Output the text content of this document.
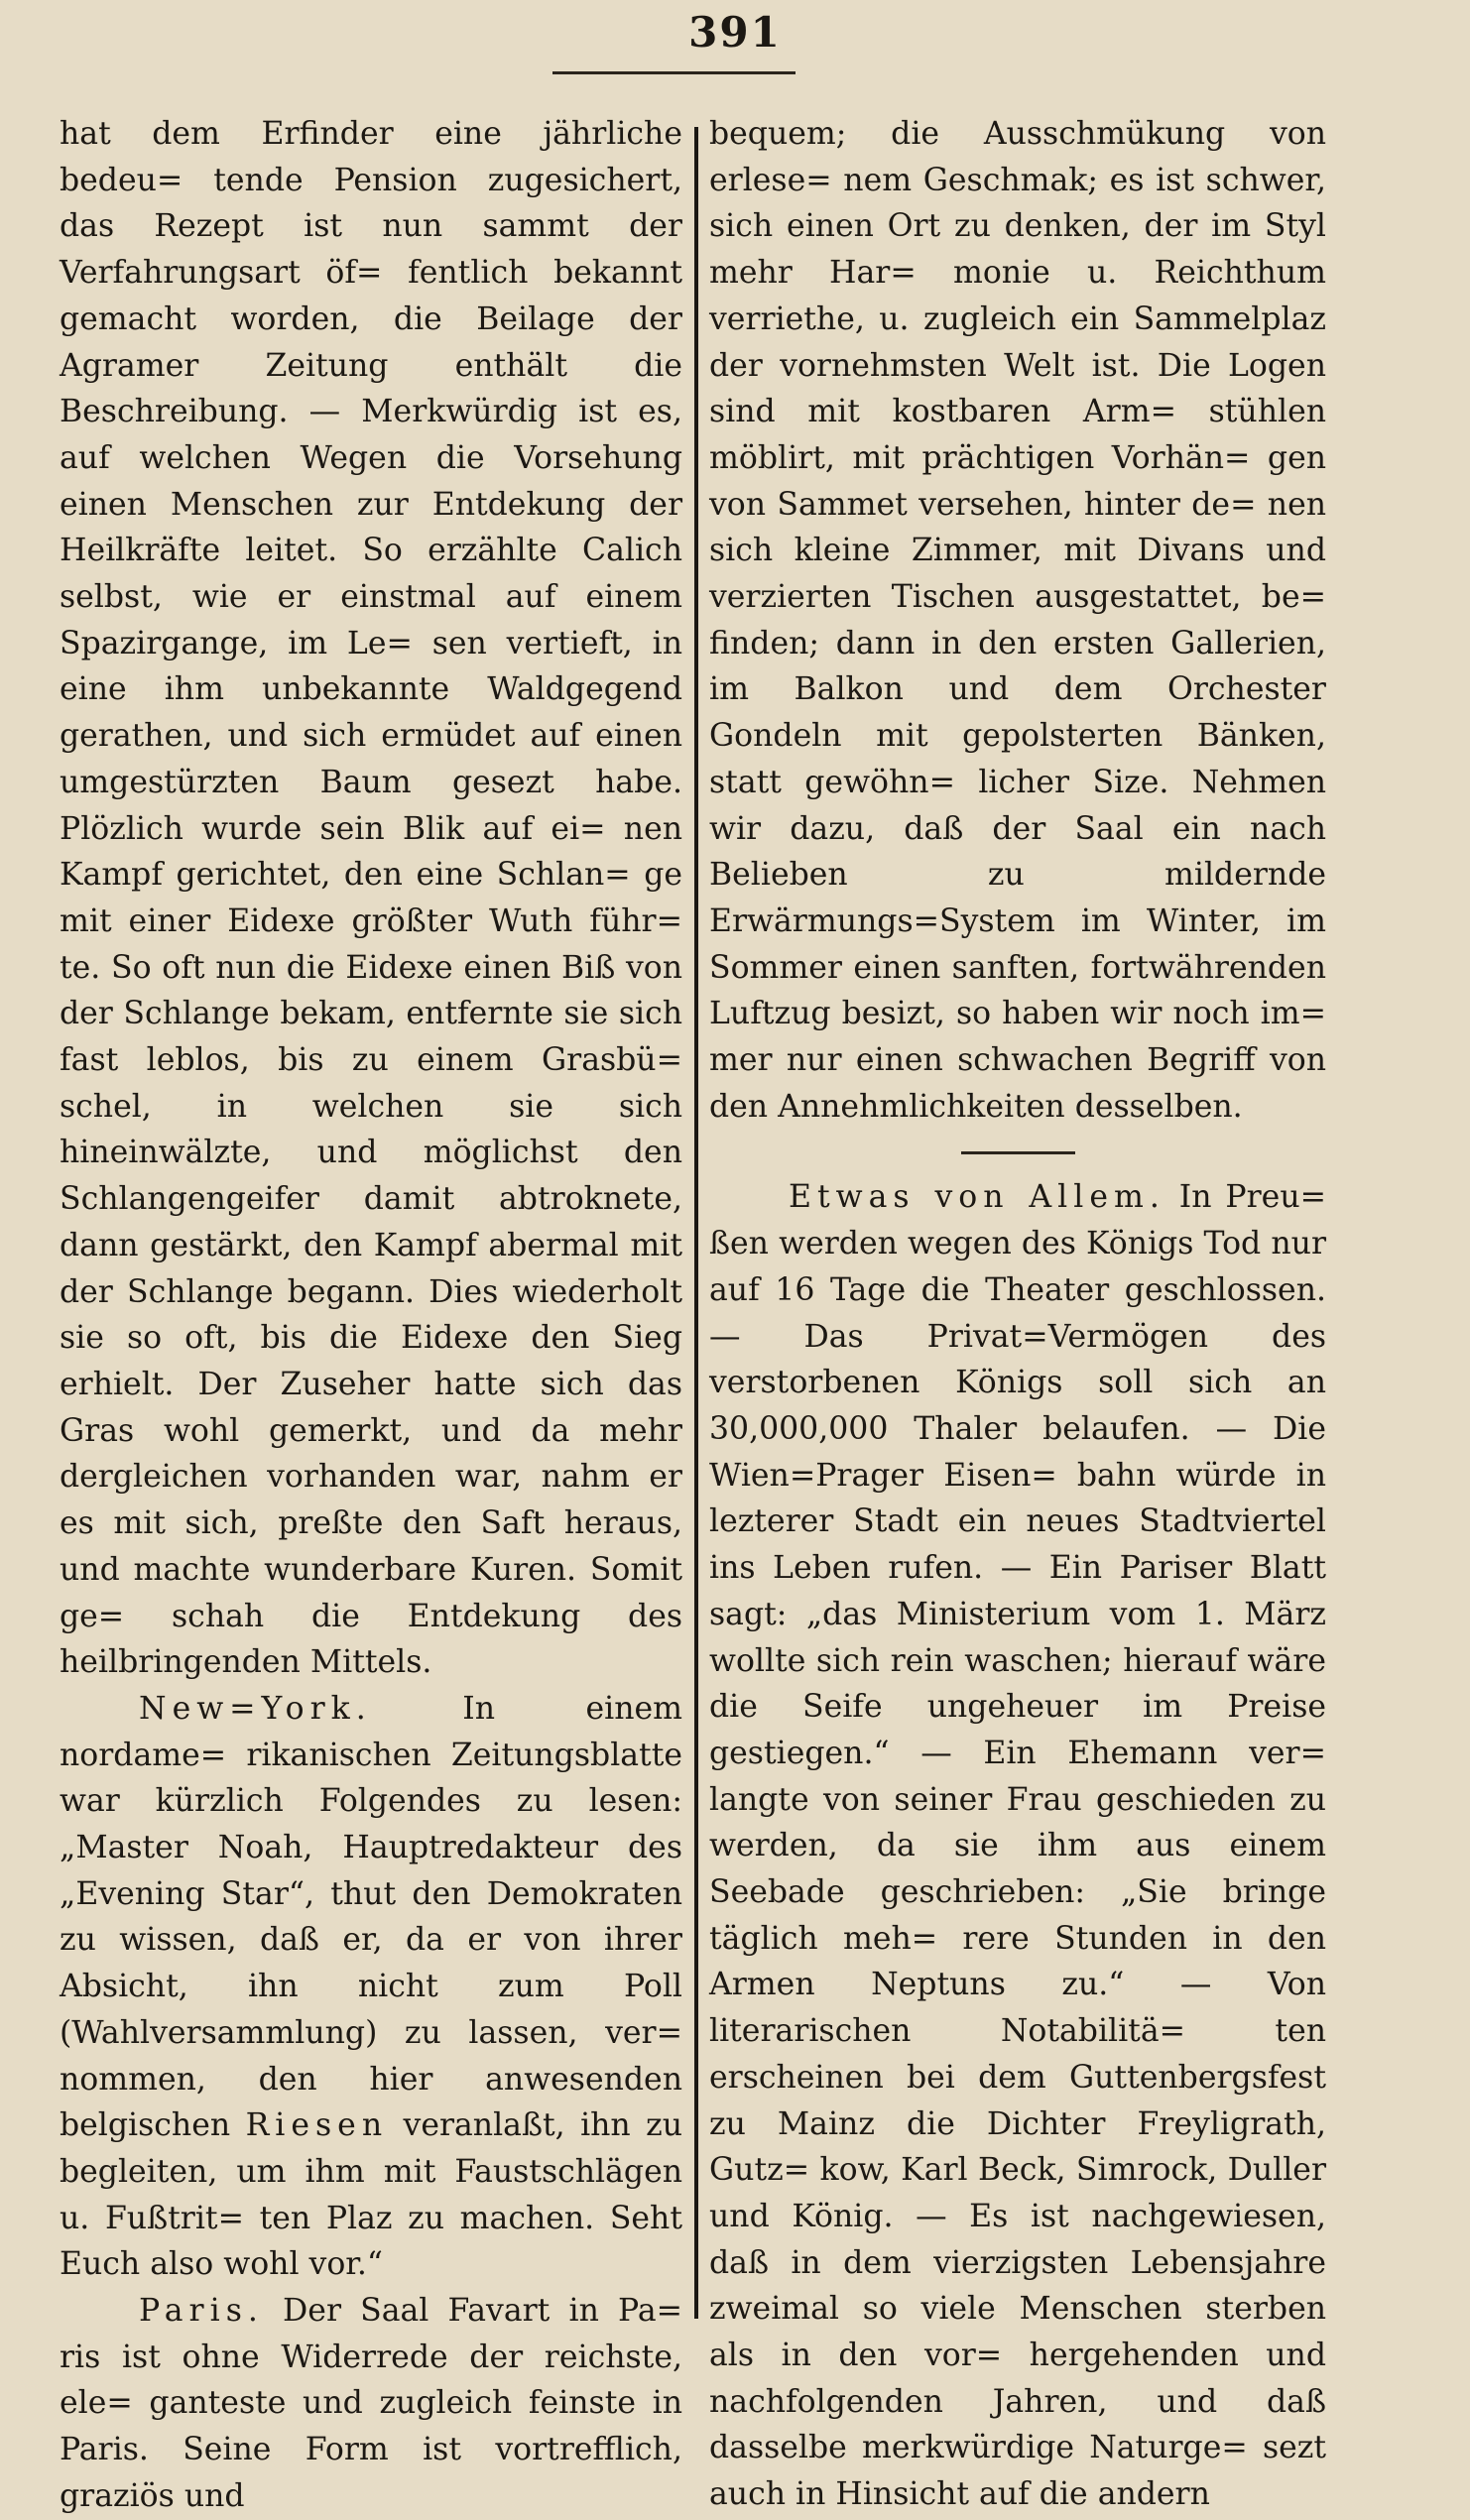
391

hat dem Erfinder eine jährliche bedeu= tende Pension zugesichert, das Rezept ist nun sammt der Verfahrungsart öf= fentlich bekannt gemacht worden, die Beilage der Agramer Zeitung enthält die Beschreibung. — Merkwürdig ist es, auf welchen Wegen die Vorsehung einen Menschen zur Entdekung der Heilkräfte leitet. So erzählte Calich selbst, wie er einstmal auf einem Spazirgange, im Le= sen vertieft, in eine ihm unbekannte Waldgegend gerathen, und sich ermüdet auf einen umgestürzten Baum gesezt habe. Plözlich wurde sein Blik auf ei= nen Kampf gerichtet, den eine Schlan= ge mit einer Eidexe größter Wuth führ= te. So oft nun die Eidexe einen Biß von der Schlange bekam, entfernte sie sich fast leblos, bis zu einem Grasbü= schel, in welchen sie sich hineinwälzte, und möglichst den Schlangengeifer damit abtroknete, dann gestärkt, den Kampf abermal mit der Schlange begann. Dies wiederholt sie so oft, bis die Eidexe den Sieg erhielt. Der Zuseher hatte sich das Gras wohl gemerkt, und da mehr dergleichen vorhanden war, nahm er es mit sich, preßte den Saft heraus, und machte wunderbare Kuren. Somit ge= schah die Entdekung des heilbringenden Mittels.

New=York.	In einem nordame= rikanischen Zeitungsblatte war kürzlich Folgendes zu lesen: „Master Noah, Hauptredakteur des „Evening Star“, thut den Demokraten zu wissen, daß er, da er von ihrer Absicht, ihn nicht zum Poll (Wahlversammlung) zu lassen, ver= nommen, den hier anwesenden belgischen Riesen veranlaßt, ihn zu begleiten, um ihm mit Faustschlägen u. Fußtrit= ten Plaz zu machen. Seht Euch also wohl vor.“

Paris. Der Saal Favart in Pa= ris ist ohne Widerrede der reichste, ele= ganteste und zugleich feinste in Paris. Seine Form ist vortrefflich, graziös und

bequem; die Ausschmükung von erlese= nem Geschmak; es ist schwer, sich einen Ort zu denken, der im Styl mehr Har= monie u. Reichthum verriethe, u. zugleich ein Sammelplaz der vornehmsten Welt ist. Die Logen sind mit kostbaren Arm= stühlen möblirt, mit prächtigen Vorhän= gen von Sammet versehen, hinter de= nen sich kleine Zimmer, mit Divans und verzierten Tischen ausgestattet, be= finden; dann in den ersten Gallerien, im Balkon und dem Orchester Gondeln mit gepolsterten Bänken, statt gewöhn= licher Size. Nehmen wir dazu, daß der Saal ein nach Belieben zu mildernde Erwärmungs=System im Winter, im Sommer einen sanften, fortwährenden Luftzug besizt, so haben wir noch im= mer nur einen schwachen Begriff von den Annehmlichkeiten desselben.

Etwas von Allem. In Preu= ßen werden wegen des Königs Tod nur auf 16 Tage die Theater geschlossen. — Das Privat=Vermögen des verstorbenen Königs soll sich an 30,000,000 Thaler belaufen. — Die Wien=Prager Eisen= bahn würde in lezterer Stadt ein neues Stadtviertel ins Leben rufen. — Ein Pariser Blatt sagt: „das Ministerium vom 1. März wollte sich rein waschen; hierauf wäre die Seife ungeheuer im Preise gestiegen.“ — Ein Ehemann ver= langte von seiner Frau geschieden zu werden, da sie ihm aus einem Seebade geschrieben: „Sie bringe täglich meh= rere Stunden in den Armen Neptuns zu.“ — Von literarischen Notabilitä= ten erscheinen bei dem Guttenbergsfest zu Mainz die Dichter Freyligrath, Gutz= kow, Karl Beck, Simrock, Duller und König. — Es ist nachgewiesen, daß in dem vierzigsten Lebensjahre zweimal so viele Menschen sterben als in den vor= hergehenden und nachfolgenden Jahren, und daß dasselbe merkwürdige Naturge= sezt auch in Hinsicht auf die andern
